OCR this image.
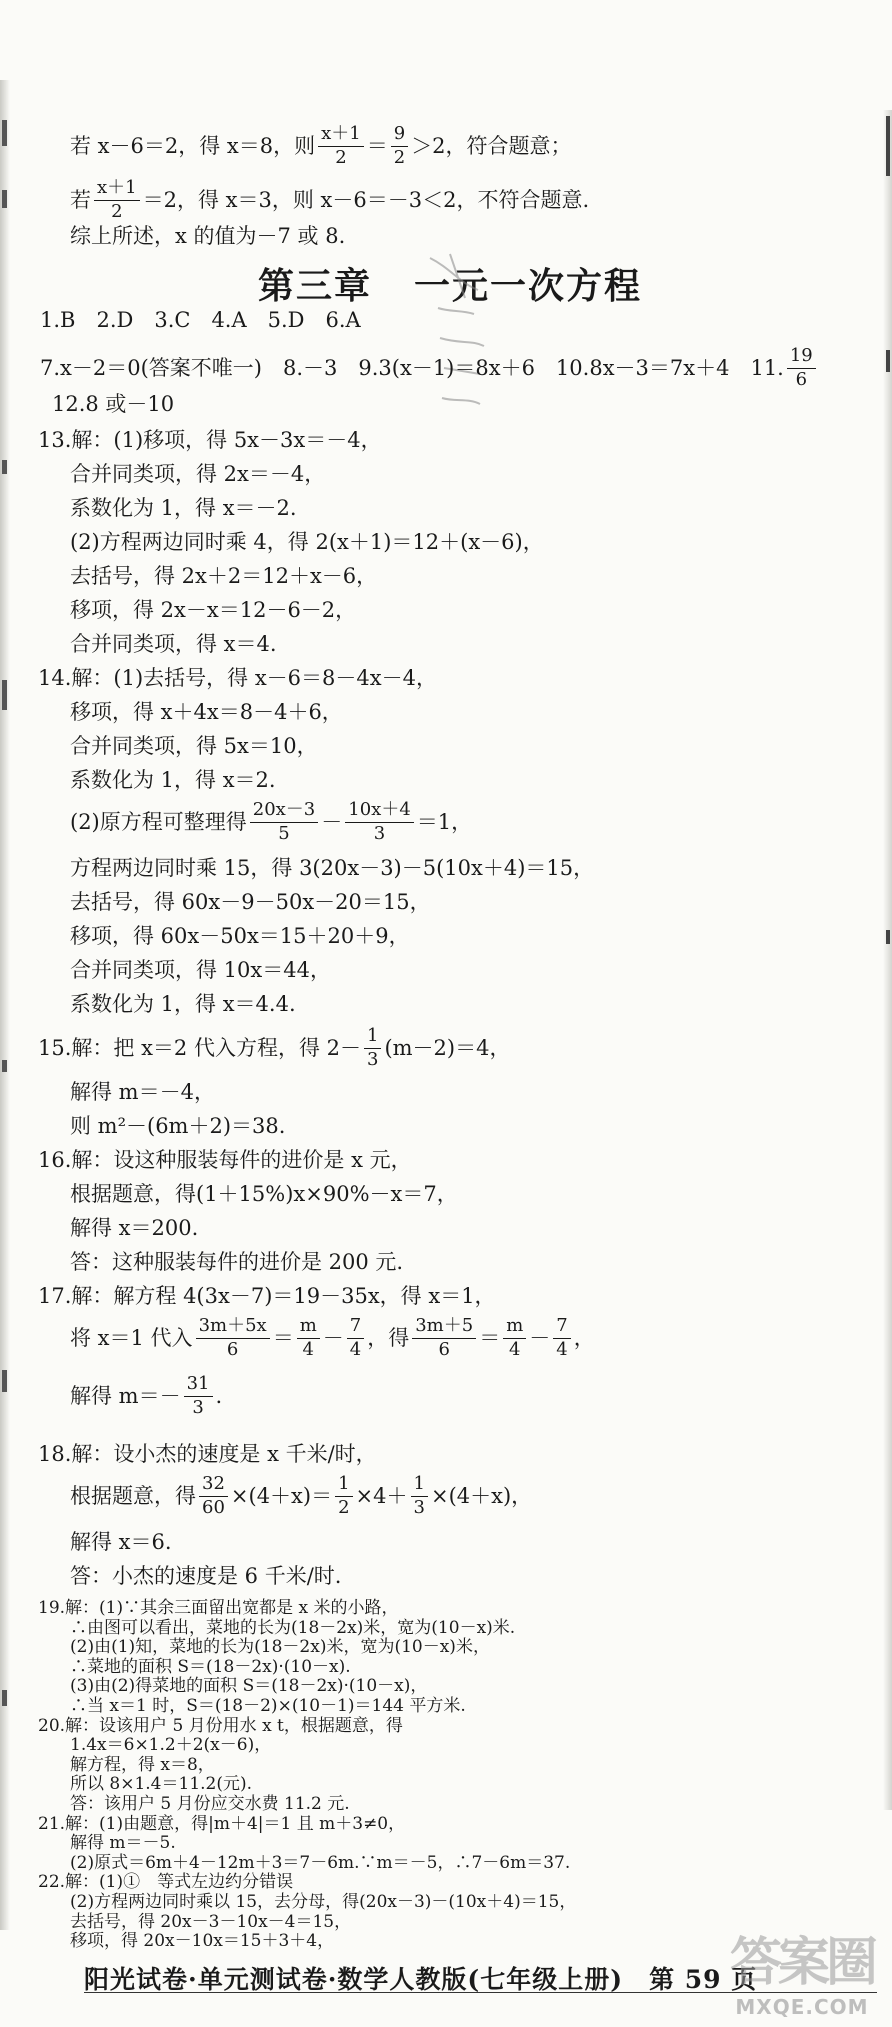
若 x－6＝2，得 x＝8，则 $\frac{x+1}{2} = \frac{9}{2} >2$，符合题意；
若 $\frac{x+1}{2} =2$，得 x＝3，则 x－6＝－3＜2，不符合题意.
综上所述，x 的值为－7 或 8.
第三章 一元一次方程
1.B　2.D　3.C　4.A　5.D　6.A
7.x－2＝0(答案不唯一)　8.－3　9.3(x－1)＝8x＋6　10.8x－3＝7x＋4　11. $\frac{19}{6}$
12.8 或－10
13.解：(1)移项，得 5x－3x＝－4，
合并同类项，得 2x＝－4，
系数化为 1，得 x＝－2.
(2)方程两边同时乘 4，得 2(x＋1)＝12＋(x－6)，
去括号，得 2x＋2＝12＋x－6，
移项，得 2x－x＝12－6－2，
合并同类项，得 x＝4.
14.解：(1)去括号，得 x－6＝8－4x－4，
移项，得 x＋4x＝8－4＋6，
合并同类项，得 5x＝10，
系数化为 1，得 x＝2.
(2)原方程可整理得 $\frac{20x-3}{5} - \frac{10x+4}{3} =1$，
方程两边同时乘 15，得 3(20x－3)－5(10x＋4)＝15，
去括号，得 60x－9－50x－20＝15，
移项，得 60x－50x＝15＋20＋9，
合并同类项，得 10x＝44，
系数化为 1，得 x＝4.4.
15.解：把 x＝2 代入方程，得 $2- \frac{1}{3} (m-2)=4$，
解得 m＝－4，
则 m²－(6m＋2)＝38.
16.解：设这种服装每件的进价是 x 元，
根据题意，得(1＋15%)x×90%－x＝7，
解得 x＝200.
答：这种服装每件的进价是 200 元.
17.解：解方程 4(3x－7)＝19－35x，得 x＝1，
将 x＝1 代入 $\frac{3m+5x}{6} = \frac{m}{4} - \frac{7}{4}$ ，得 $\frac{3m+5}{6} = \frac{m}{4} - \frac{7}{4}$ ，
解得 $m=- \frac{31}{3}$ .
18.解：设小杰的速度是 x 千米/时，
根据题意，得 $\frac{32}{60} \times(4+x)= \frac{1}{2} \times 4+ \frac{1}{3} \times(4+x)$，
解得 x＝6.
答：小杰的速度是 6 千米/时.
19.解：(1)∵其余三面留出宽都是 x 米的小路，
∴由图可以看出，菜地的长为(18－2x)米，宽为(10－x)米.
(2)由(1)知，菜地的长为(18－2x)米，宽为(10－x)米，
∴菜地的面积 S＝(18－2x)·(10－x).
(3)由(2)得菜地的面积 S＝(18－2x)·(10－x)，
∴当 x＝1 时，S＝(18－2)×(10－1)＝144 平方米.
20.解：设该用户 5 月份用水 x t，根据题意，得
1.4x＝6×1.2＋2(x－6)，
解方程，得 x＝8，
所以 8×1.4＝11.2(元).
答：该用户 5 月份应交水费 11.2 元.
阳光试卷·单元测试卷·数学人教版(七年级上册)　第 59 页
答案圈
MXQE.COM
21.解：(1)由题意，得|m＋4|＝1 且 m＋3≠0，
解得 m＝－5.
(2)原式＝6m＋4－12m＋3＝7－6m.∵m＝－5，∴7－6m＝37.
22.解：(1)①　等式左边约分错误
(2)方程两边同时乘以 15，去分母，得(20x－3)－(10x＋4)＝15，
去括号，得 20x－3－10x－4＝15，
移项，得 20x－10x＝15＋3＋4，
